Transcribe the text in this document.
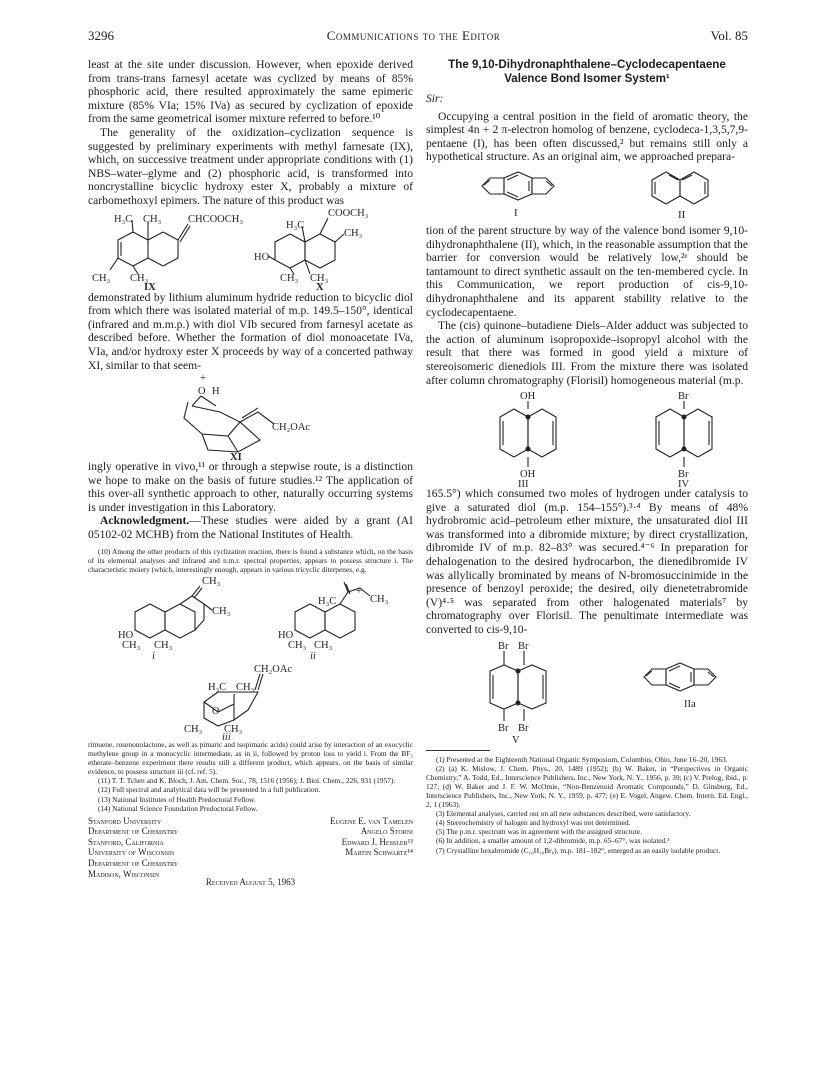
3296	Communications to the Editor	Vol. 85

least at the site under discussion. However, when epoxide derived from trans-trans farnesyl acetate was cyclized by means of 85% phosphoric acid, there resulted approximately the same epimeric mixture (85% VIa; 15% IVa) as secured by cyclization of epoxide from the same geometrical isomer mixture referred to before.¹⁰

The generality of the oxidization–cyclization sequence is suggested by preliminary experiments with methyl farnesate (IX), which, on successive treatment under appropriate conditions with (1) NBS–water–glyme and (2) phosphoric acid, is transformed into noncrystalline bicyclic hydroxy ester X, probably a mixture of carbomethoxyl epimers. The nature of this product was

H₃C CH₃	CHCOOCH₃
CH₃ CH₃
IX
COOCH₃
H₃C
CH₃
HO
CH₃ CH₃
X

demonstrated by lithium aluminum hydride reduction to bicyclic diol from which there was isolated material of m.p. 149.5–150°, identical (infrared and m.m.p.) with diol VIb secured from farnesyl acetate as described before. Whether the formation of diol monoacetate IVa, VIa, and/or hydroxy ester X proceeds by way of a concerted pathway XI, similar to that seem-

+
O H
CH₂OAc
XI

ingly operative in vivo,¹¹ or through a stepwise route, is a distinction we hope to make on the basis of future studies.¹² The application of this over-all synthetic approach to other, naturally occurring systems is under investigation in this Laboratory.

Acknowledgment.—These studies were aided by a grant (AI 05102-02 MCHB) from the National Institutes of Health.

(10) Among the other products of this cyclization reaction, there is found a substance which, on the basis of its elemental analyses and infrared and n.m.r. spectral properties, appears to possess structure i. The characteristic moiety (which, interestingly enough, appears in various tricyclic diterpenes, e.g.

CH₃
CH₃
HO
CH₃ CH₃
i
H₃C
+
CH₃
HO
CH₃ CH₃
ii
CH₂OAc
H₃C CH₃
O
CH₃ CH₃
iii

rimuene, rosenonolactone, as well as pimaric and isopimaric acids) could arise by interaction of an exocyclic methylene group in a monocyclic intermediate, as in ii, followed by proton loss to yield i. From the BF₃ etherate–benzene experiment there results still a different product, which appears, on the basis of similar evidence, to possess structure iii (cf. ref. 5).

(11) T. T. Tchen and K. Bloch, J. Am. Chem. Soc., 78, 1516 (1956); J. Biol. Chem., 226, 931 (1957).

(12) Full spectral and analytical data will be presented in a full publication.

(13) National Institutes of Health Predoctoral Fellow.

(14) National Science Foundation Predoctoral Fellow.

Stanford University
Department of Chemistry
Stanford, California
University of Wisconsin
Department of Chemistry
Madison, Wisconsin
Eugene E. van Tamelen
Angelo Storni
Edward J. Hessler¹³
Martin Schwartz¹⁴
Received August 5, 1963
The 9,10-Dihydronaphthalene–Cyclodecapentaene Valence Bond Isomer System¹

Sir:

Occupying a central position in the field of aromatic theory, the simplest 4n + 2 π-electron homolog of benzene, cyclodeca-1,3,5,7,9-pentaene (I), has been often discussed,² but remains still only a hypothetical structure. As an original aim, we approached prepara-

I	II

tion of the parent structure by way of the valence bond isomer 9,10-dihydronaphthalene (II), which, in the reasonable assumption that the barrier for conversion would be relatively low,²ᵉ should be tantamount to direct synthetic assault on the ten-membered cycle. In this Communication, we report production of cis-9,10-dihydronaphthalene and its apparent stability relative to the cyclodecapentaene.

The (cis) quinone–butadiene Diels–Alder adduct was subjected to the action of aluminum isopropoxide–isopropyl alcohol with the result that there was formed in good yield a mixture of stereoisomeric dienediols III. From the mixture there was isolated after column chromatography (Florisil) homogeneous material (m.p.

OH
OH
III
Br
Br
IV

165.5°) which consumed two moles of hydrogen under catalysis to give a saturated diol (m.p. 154–155°).³·⁴ By means of 48% hydrobromic acid–petroleum ether mixture, the unsaturated diol III was transformed into a dibromide mixture; by direct crystallization, dibromide IV of m.p. 82–83° was secured.⁴⁻⁶ In preparation for dehalogenation to the desired hydrocarbon, the dienedibromide IV was allylically brominated by means of N-bromosuccinimide in the presence of benzoyl peroxide; the desired, oily dienetetrabromide (V)⁴·⁵ was separated from other halogenated materials⁷ by chromatography over Florisil. The penultimate intermediate was converted to cis-9,10-

Br Br
Br Br
V
IIa

(1) Presented at the Eighteenth National Organic Symposium, Columbus, Ohio, June 16–20, 1963.

(2) (a) K. Mislow, J. Chem. Phys., 20, 1489 (1952); (b) W. Baker, in “Perspectives in Organic Chemistry,” A. Todd, Ed., Interscience Publishers, Inc., New York, N. Y., 1956, p. 39; (c) V. Prelog, ibid., p. 127; (d) W. Baker and J. F. W. McOmie, “Non-Benzenoid Aromatic Compounds,” D. Ginsburg, Ed., Interscience Publishers, Inc., New York, N. Y., 1959, p. 477; (e) E. Vogel, Angew. Chem. Intern. Ed. Engl., 2, 1 (1963).

(3) Elemental analyses, carried out on all new substances described, were satisfactory.

(4) Stereochemistry of halogen and hydroxyl was not determined.

(5) The p.m.r. spectrum was in agreement with the assigned structure.

(6) In addition, a smaller amount of 1,2-dibromide, m.p. 65–67°, was isolated.³

(7) Crystalline hexabromide (C₁₀H₁₀Br₆), m.p. 181–182°, emerged as an easily isolable product.
